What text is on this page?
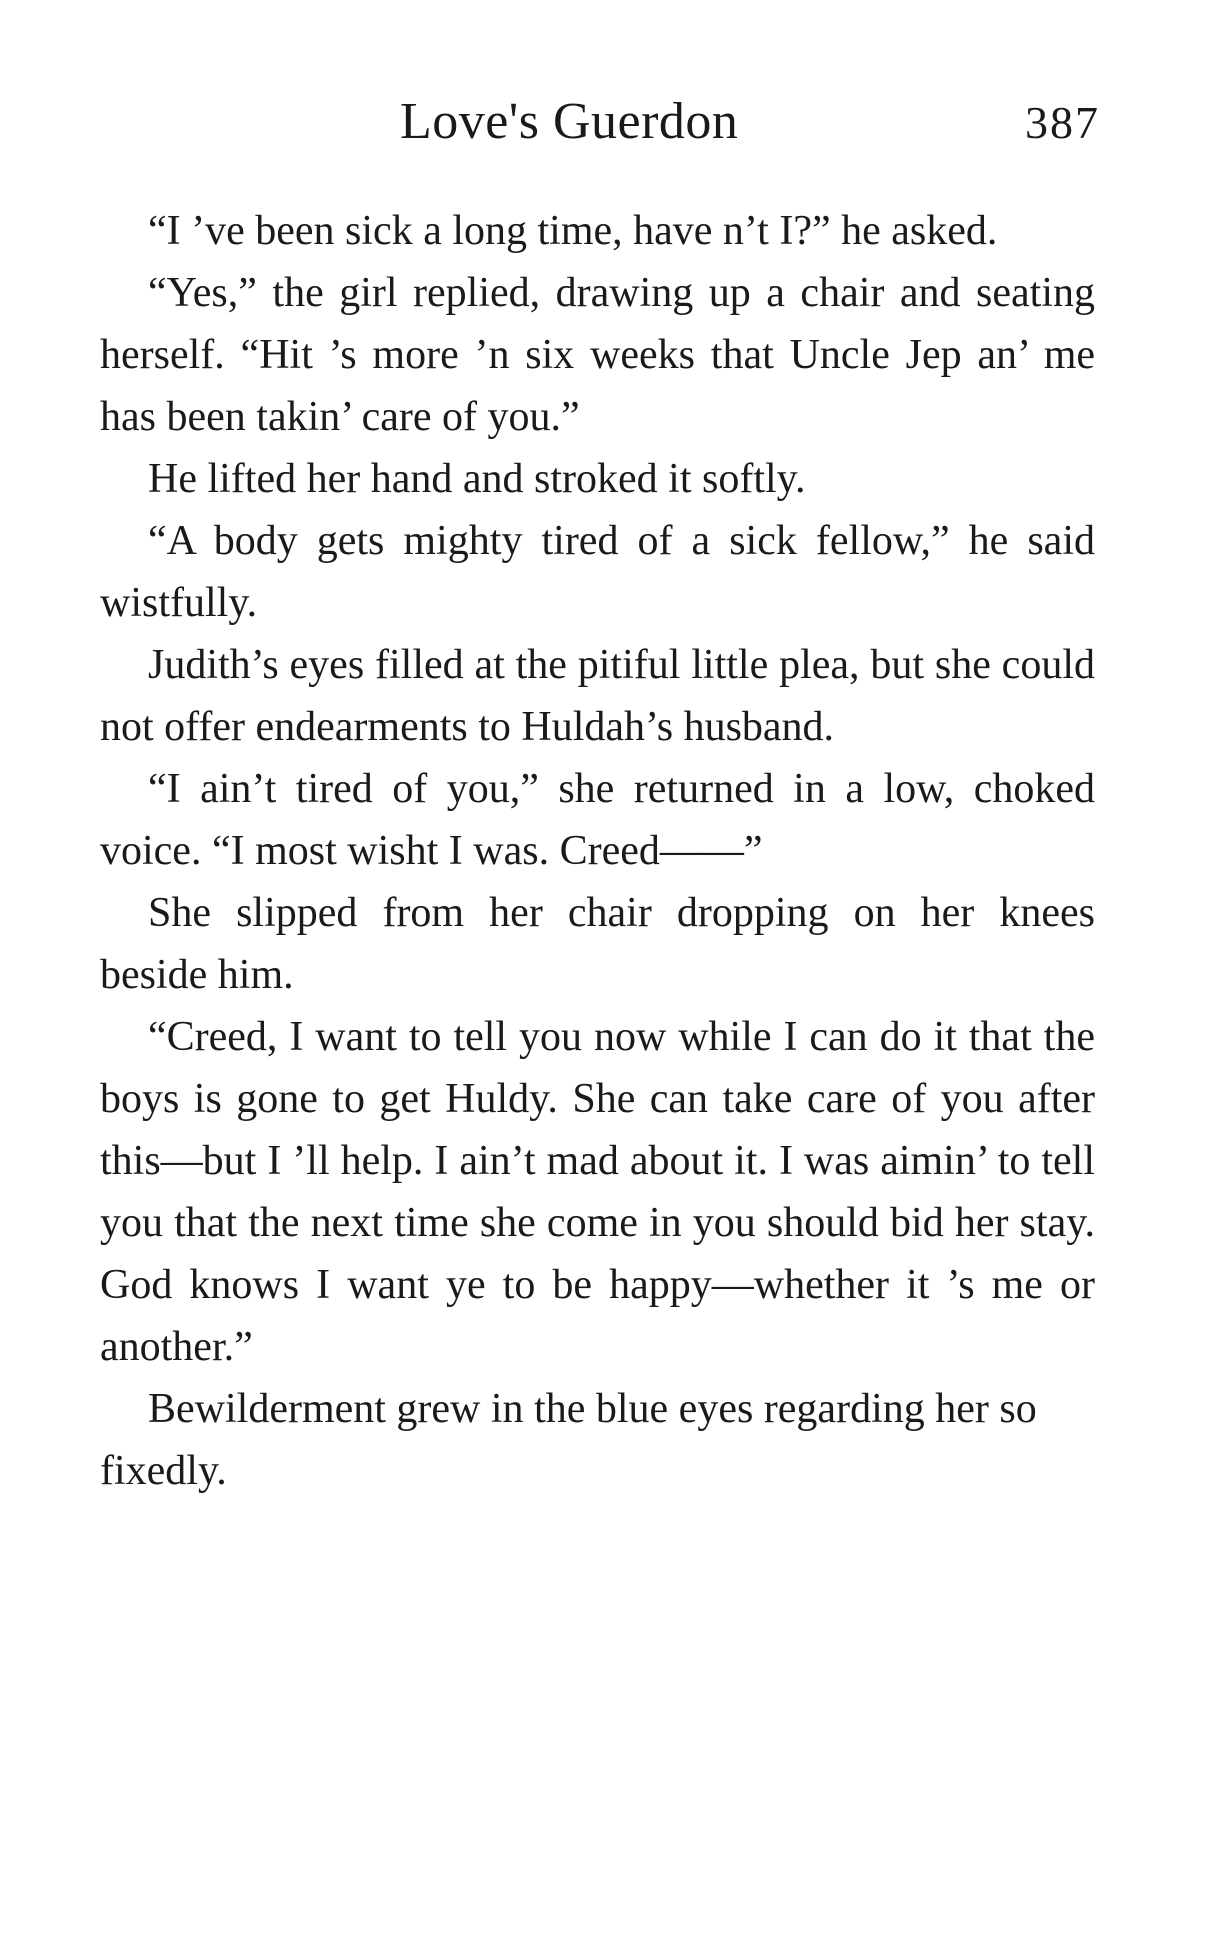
Love's Guerdon	387

“I ’ve been sick a long time, have n’t I?” he asked.

“Yes,” the girl replied, drawing up a chair and seating herself. “Hit ’s more ’n six weeks that Uncle Jep an’ me has been takin’ care of you.”

He lifted her hand and stroked it softly.

“A body gets mighty tired of a sick fellow,” he said wistfully.

Judith’s eyes filled at the pitiful little plea, but she could not offer endearments to Huldah’s husband.

“I ain’t tired of you,” she returned in a low, choked voice. “I most wisht I was. Creed——”

She slipped from her chair dropping on her knees beside him.

“Creed, I want to tell you now while I can do it that the boys is gone to get Huldy. She can take care of you after this—but I ’ll help. I ain’t mad about it. I was aimin’ to tell you that the next time she come in you should bid her stay. God knows I want ye to be happy—whether it ’s me or another.”

Bewilderment grew in the blue eyes regarding her so fixedly.
